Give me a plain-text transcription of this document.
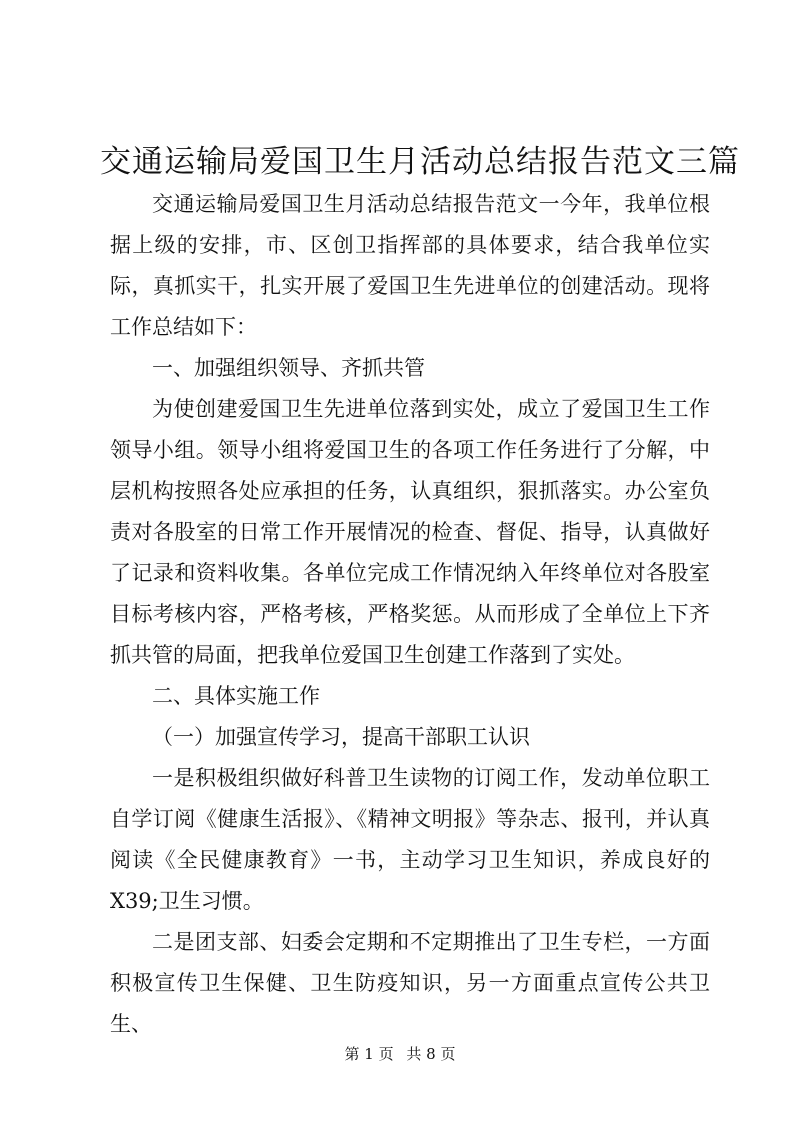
交通运输局爱国卫生月活动总结报告范文三篇

交通运输局爱国卫生月活动总结报告范文一今年，我单位根据上级的安排，市、区创卫指挥部的具体要求，结合我单位实际，真抓实干，扎实开展了爱国卫生先进单位的创建活动。现将工作总结如下：

一、加强组织领导、齐抓共管

为使创建爱国卫生先进单位落到实处，成立了爱国卫生工作领导小组。领导小组将爱国卫生的各项工作任务进行了分解，中层机构按照各处应承担的任务，认真组织，狠抓落实。办公室负责对各股室的日常工作开展情况的检查、督促、指导，认真做好了记录和资料收集。各单位完成工作情况纳入年终单位对各股室目标考核内容，严格考核，严格奖惩。从而形成了全单位上下齐抓共管的局面，把我单位爱国卫生创建工作落到了实处。

二、具体实施工作

（一）加强宣传学习，提高干部职工认识

一是积极组织做好科普卫生读物的订阅工作，发动单位职工自学订阅《健康生活报》、《精神文明报》等杂志、报刊，并认真阅读《全民健康教育》一书，主动学习卫生知识，养成良好的X39;卫生习惯。

二是团支部、妇委会定期和不定期推出了卫生专栏，一方面积极宣传卫生保健、卫生防疫知识，另一方面重点宣传公共卫生、

第 1 页 共 8 页
